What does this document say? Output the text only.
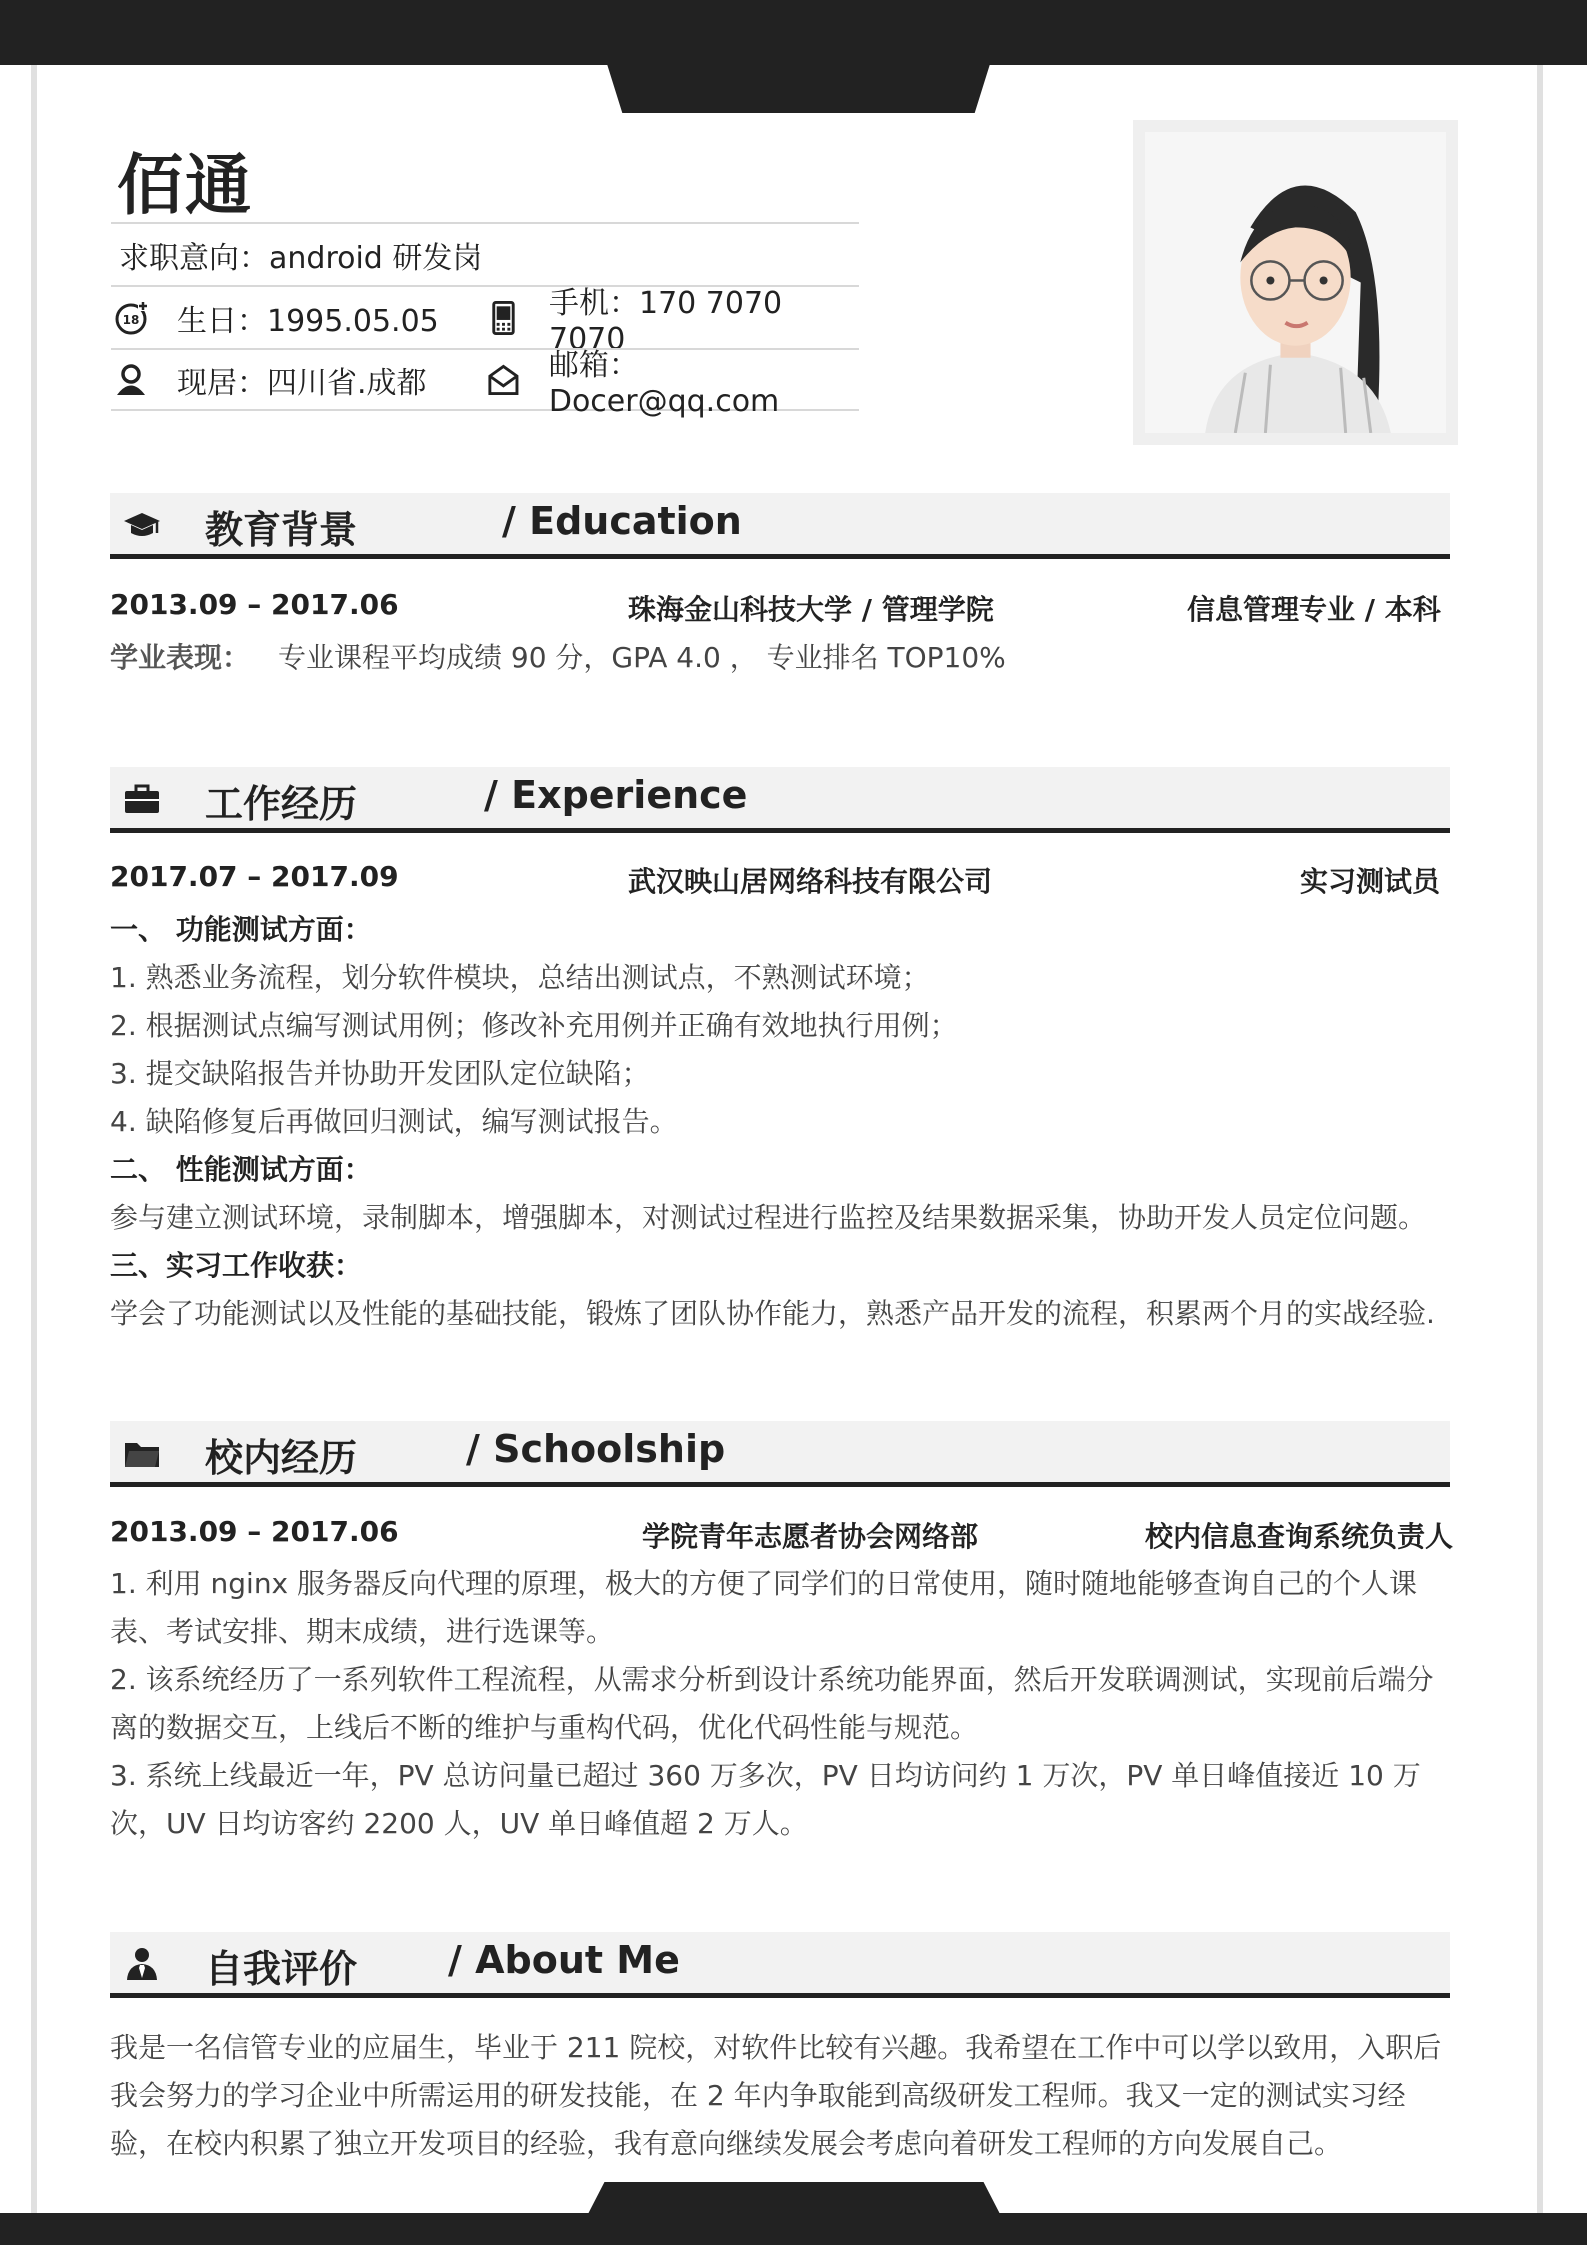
佰通
求职意向：android 研发岗
18 生日：1995.05.05	手机：170 7070 7070
现居：四川省.成都	邮箱：Docer@qq.com
教育背景	/ Education
2013.09 – 2017.06	珠海金山科技大学 / 管理学院	信息管理专业 / 本科
学业表现： 专业课程平均成绩 90 分，GPA 4.0 ， 专业排名 TOP10%
工作经历	/ Experience
2017.07 – 2017.09	武汉映山居网络科技有限公司	实习测试员
一、 功能测试方面：
1. 熟悉业务流程，划分软件模块，总结出测试点，不熟测试环境；
2. 根据测试点编写测试用例；修改补充用例并正确有效地执行用例；
3. 提交缺陷报告并协助开发团队定位缺陷；
4. 缺陷修复后再做回归测试，编写测试报告。
二、 性能测试方面：
参与建立测试环境，录制脚本，增强脚本，对测试过程进行监控及结果数据采集，协助开发人员定位问题。
三、实习工作收获：
学会了功能测试以及性能的基础技能，锻炼了团队协作能力，熟悉产品开发的流程，积累两个月的实战经验.
校内经历	/ Schoolship
2013.09 – 2017.06	学院青年志愿者协会网络部	校内信息查询系统负责人
1. 利用 nginx 服务器反向代理的原理，极大的方便了同学们的日常使用，随时随地能够查询自己的个人课表、考试安排、期末成绩，进行选课等。
2. 该系统经历了一系列软件工程流程，从需求分析到设计系统功能界面，然后开发联调测试，实现前后端分离的数据交互，上线后不断的维护与重构代码，优化代码性能与规范。
3. 系统上线最近一年，PV 总访问量已超过 360 万多次，PV 日均访问约 1 万次，PV 单日峰值接近 10 万次，UV 日均访客约 2200 人，UV 单日峰值超 2 万人。
自我评价 / About Me
我是一名信管专业的应届生，毕业于 211 院校，对软件比较有兴趣。我希望在工作中可以学以致用，入职后我会努力的学习企业中所需运用的研发技能，在 2 年内争取能到高级研发工程师。我又一定的测试实习经验，在校内积累了独立开发项目的经验，我有意向继续发展会考虑向着研发工程师的方向发展自己。
